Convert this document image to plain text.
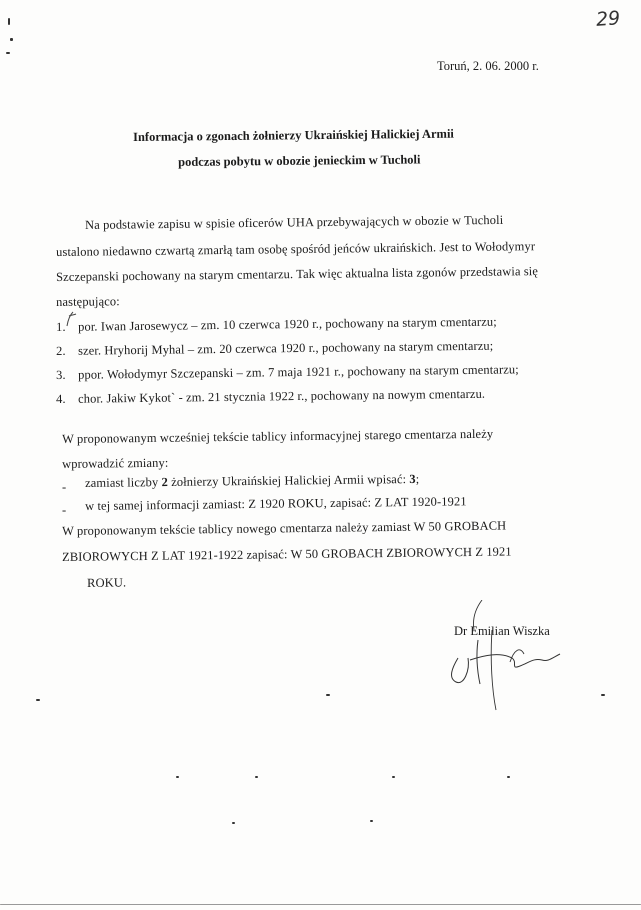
29
Toruń, 2. 06. 2000 r.
Informacja o zgonach żołnierzy Ukraińskiej Halickiej Armii
podczas pobytu w obozie jenieckim w Tucholi
Na podstawie zapisu w spisie oficerów UHA przebywających w obozie w Tucholi
ustalono niedawno czwartą zmarłą tam osobę spośród jeńców ukraińskich. Jest to Wołodymyr
Szczepanski pochowany na starym cmentarzu. Tak więc aktualna lista zgonów przedstawia się
następująco:
1. por. Iwan Jarosewycz – zm. 10 czerwca 1920 r., pochowany na starym cmentarzu;
2. szer. Hryhorij Myhal – zm. 20 czerwca 1920 r., pochowany na starym cmentarzu;
3. ppor. Wołodymyr Szczepanski – zm. 7 maja 1921 r., pochowany na starym cmentarzu;
4. chor. Jakiw Kykot` - zm. 21 stycznia 1922 r., pochowany na nowym cmentarzu.
W proponowanym wcześniej tekście tablicy informacyjnej starego cmentarza należy
wprowadzić zmiany:
- zamiast liczby 2 żołnierzy Ukraińskiej Halickiej Armii wpisać: 3;
- w tej samej informacji zamiast: Z 1920 ROKU, zapisać: Z LAT 1920-1921
W proponowanym tekście tablicy nowego cmentarza należy zamiast W 50 GROBACH
ZBIOROWYCH Z LAT 1921-1922 zapisać: W 50 GROBACH ZBIOROWYCH Z 1921
ROKU.
Dr Emilian Wiszka
